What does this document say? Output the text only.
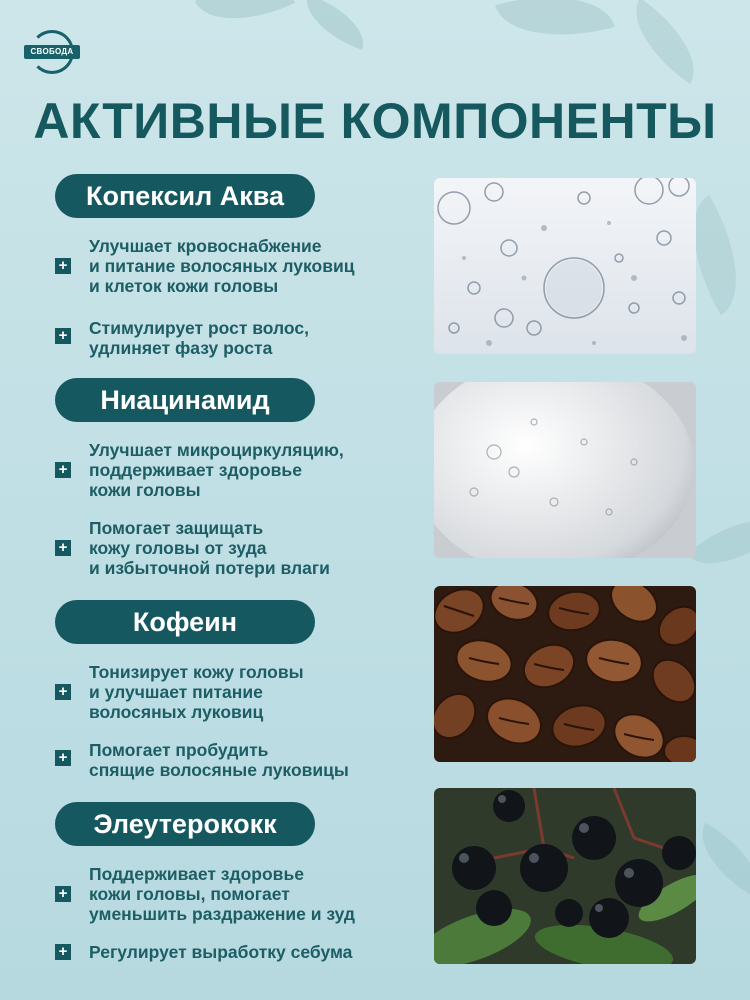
СВОБОДА
АКТИВНЫЕ КОМПОНЕНТЫ
Копексил Аква
+
Улучшает кровоснабжение
и питание волосяных луковиц
и клеток кожи головы
+ Стимулирует рост волос,
удлиняет фазу роста
Ниацинамид
+
Улучшает микроциркуляцию,
поддерживает здоровье
кожи головы
+
Помогает защищать
кожу головы от зуда
и избыточной потери влаги
Кофеин
+
Тонизирует кожу головы
и улучшает питание
волосяных луковиц
+ Помогает пробудить
спящие волосяные луковицы
Элеутерококк
+
Поддерживает здоровье
кожи головы, помогает
уменьшить раздражение и зуд
+ Регулирует выработку себума
